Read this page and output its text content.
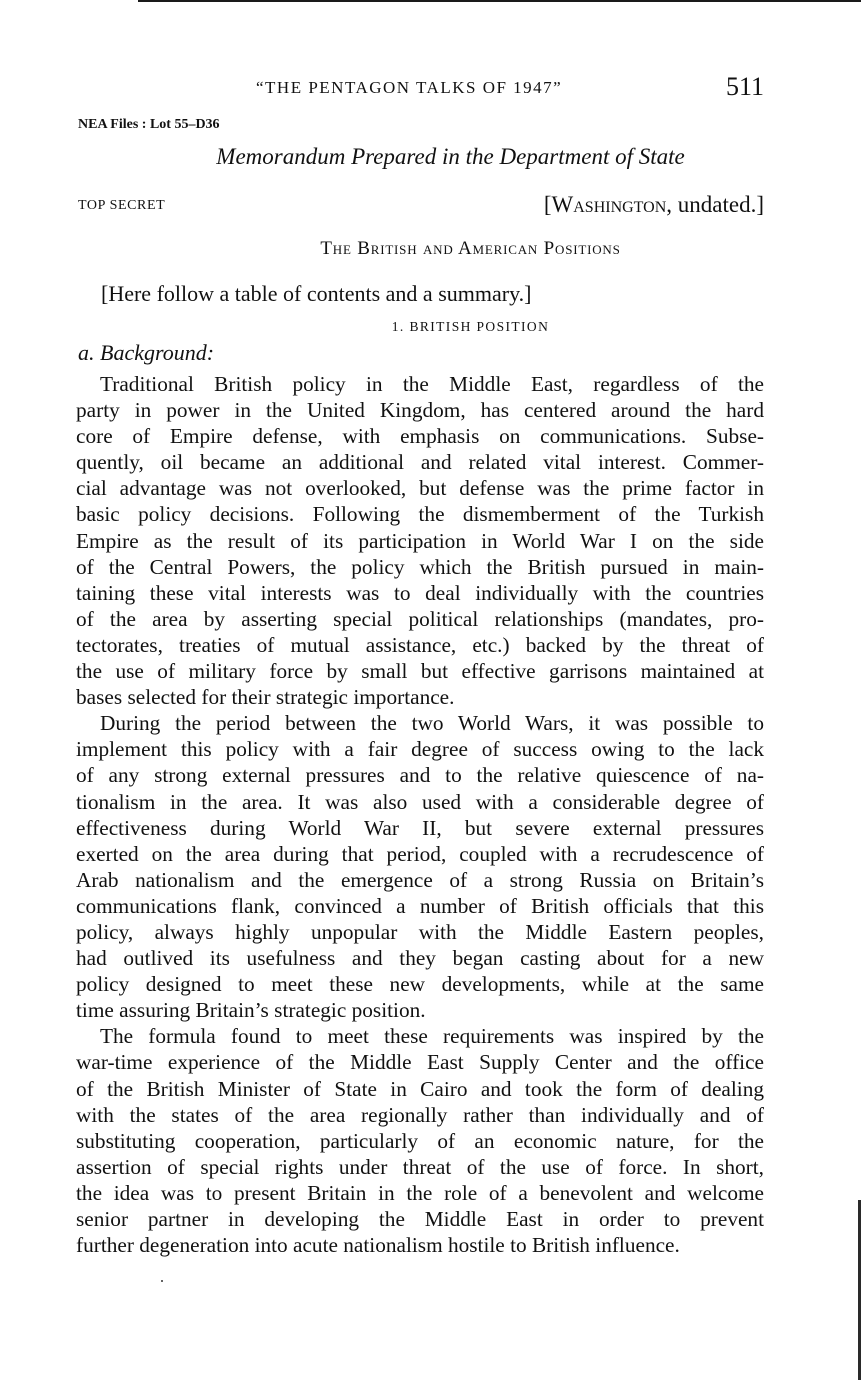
“THE PENTAGON TALKS OF 1947”	511
NEA Files : Lot 55–D36
Memorandum Prepared in the Department of State
TOP SECRET	[Washington, undated.]
The British and American Positions
[Here follow a table of contents and a summary.]
1. BRITISH POSITION
a. Background:
Traditional British policy in the Middle East, regardless of the
party in power in the United Kingdom, has centered around the hard
core of Empire defense, with emphasis on communications. Subse-
quently, oil became an additional and related vital interest. Commer-
cial advantage was not overlooked, but defense was the prime factor in
basic policy decisions. Following the dismemberment of the Turkish
Empire as the result of its participation in World War I on the side
of the Central Powers, the policy which the British pursued in main-
taining these vital interests was to deal individually with the countries
of the area by asserting special political relationships (mandates, pro-
tectorates, treaties of mutual assistance, etc.) backed by the threat of
the use of military force by small but effective garrisons maintained at
bases selected for their strategic importance.
During the period between the two World Wars, it was possible to
implement this policy with a fair degree of success owing to the lack
of any strong external pressures and to the relative quiescence of na-
tionalism in the area. It was also used with a considerable degree of
effectiveness during World War II, but severe external pressures
exerted on the area during that period, coupled with a recrudescence of
Arab nationalism and the emergence of a strong Russia on Britain’s
communications flank, convinced a number of British officials that this
policy, always highly unpopular with the Middle Eastern peoples,
had outlived its usefulness and they began casting about for a new
policy designed to meet these new developments, while at the same
time assuring Britain’s strategic position.
The formula found to meet these requirements was inspired by the
war-time experience of the Middle East Supply Center and the office
of the British Minister of State in Cairo and took the form of dealing
with the states of the area regionally rather than individually and of
substituting cooperation, particularly of an economic nature, for the
assertion of special rights under threat of the use of force. In short,
the idea was to present Britain in the role of a benevolent and welcome
senior partner in developing the Middle East in order to prevent
further degeneration into acute nationalism hostile to British influence.
